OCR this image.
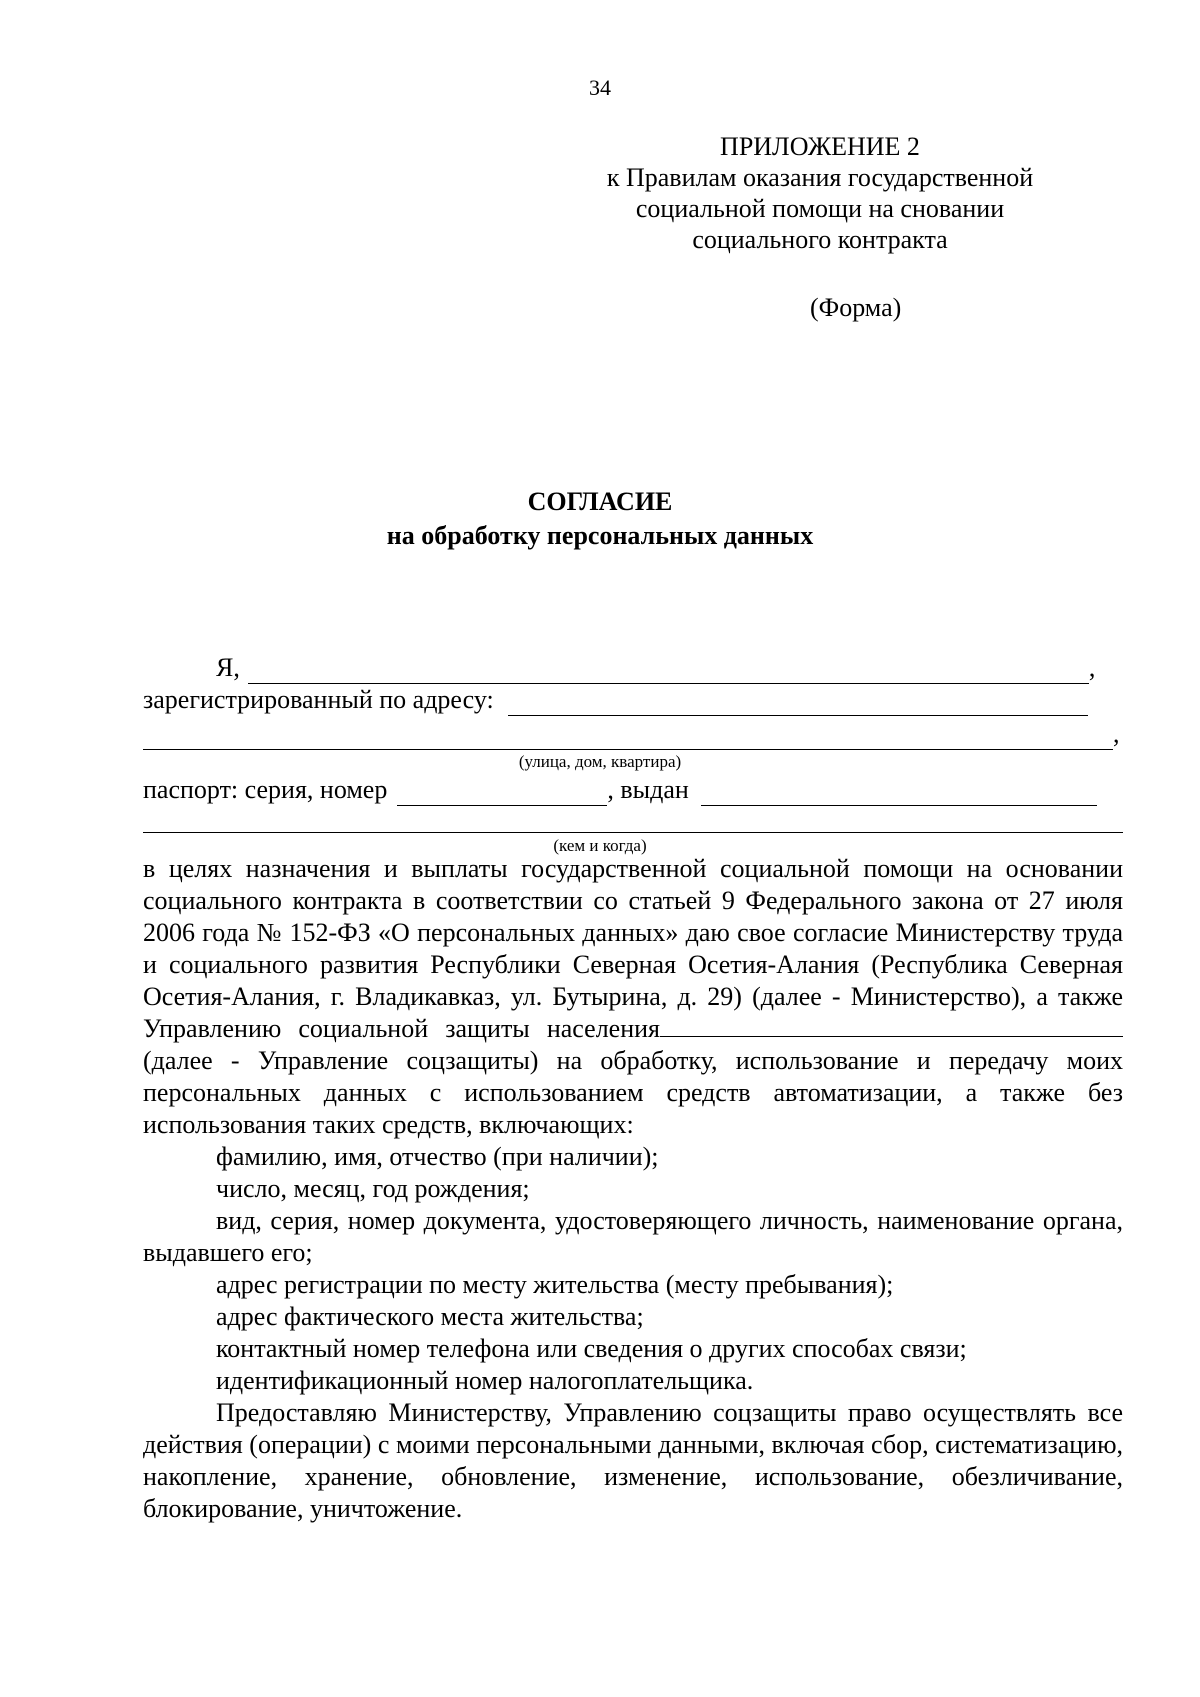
34
ПРИЛОЖЕНИЕ 2
к Правилам оказания государственной
социальной помощи на сновании
социального контракта
(Форма)
СОГЛАСИЕ
на обработку персональных данных
Я,	,
зарегистрированный по адресу:
,
(улица, дом, квартира)
паспорт: серия, номер	, выдан
(кем и когда)

в целях назначения и выплаты государственной социальной помощи на основании социального контракта в соответствии со статьей 9 Федерального закона от 27 июля 2006 года № 152-ФЗ «О персональных данных» даю свое согласие Министерству труда и социального развития Республики Северная Осетия-Алания (Республика Северная Осетия-Алания, г. Владикавказ, ул. Бутырина, д. 29) (далее - Министерство), а также Управлению социальной защиты населения(далее - Управление соцзащиты) на обработку, использование и передачу моих персональных данных с использованием средств автоматизации, а также без использования таких средств, включающих:

фамилию, имя, отчество (при наличии);

число, месяц, год рождения;

вид, серия, номер документа, удостоверяющего личность, наименование органа, выдавшего его;

адрес регистрации по месту жительства (месту пребывания);

адрес фактического места жительства;

контактный номер телефона или сведения о других способах связи;

идентификационный номер налогоплательщика.

Предоставляю Министерству, Управлению соцзащиты право осуществлять все действия (операции) с моими персональными данными, включая сбор, систематизацию, накопление, хранение, обновление, изменение, использование, обезличивание, блокирование, уничтожение.
